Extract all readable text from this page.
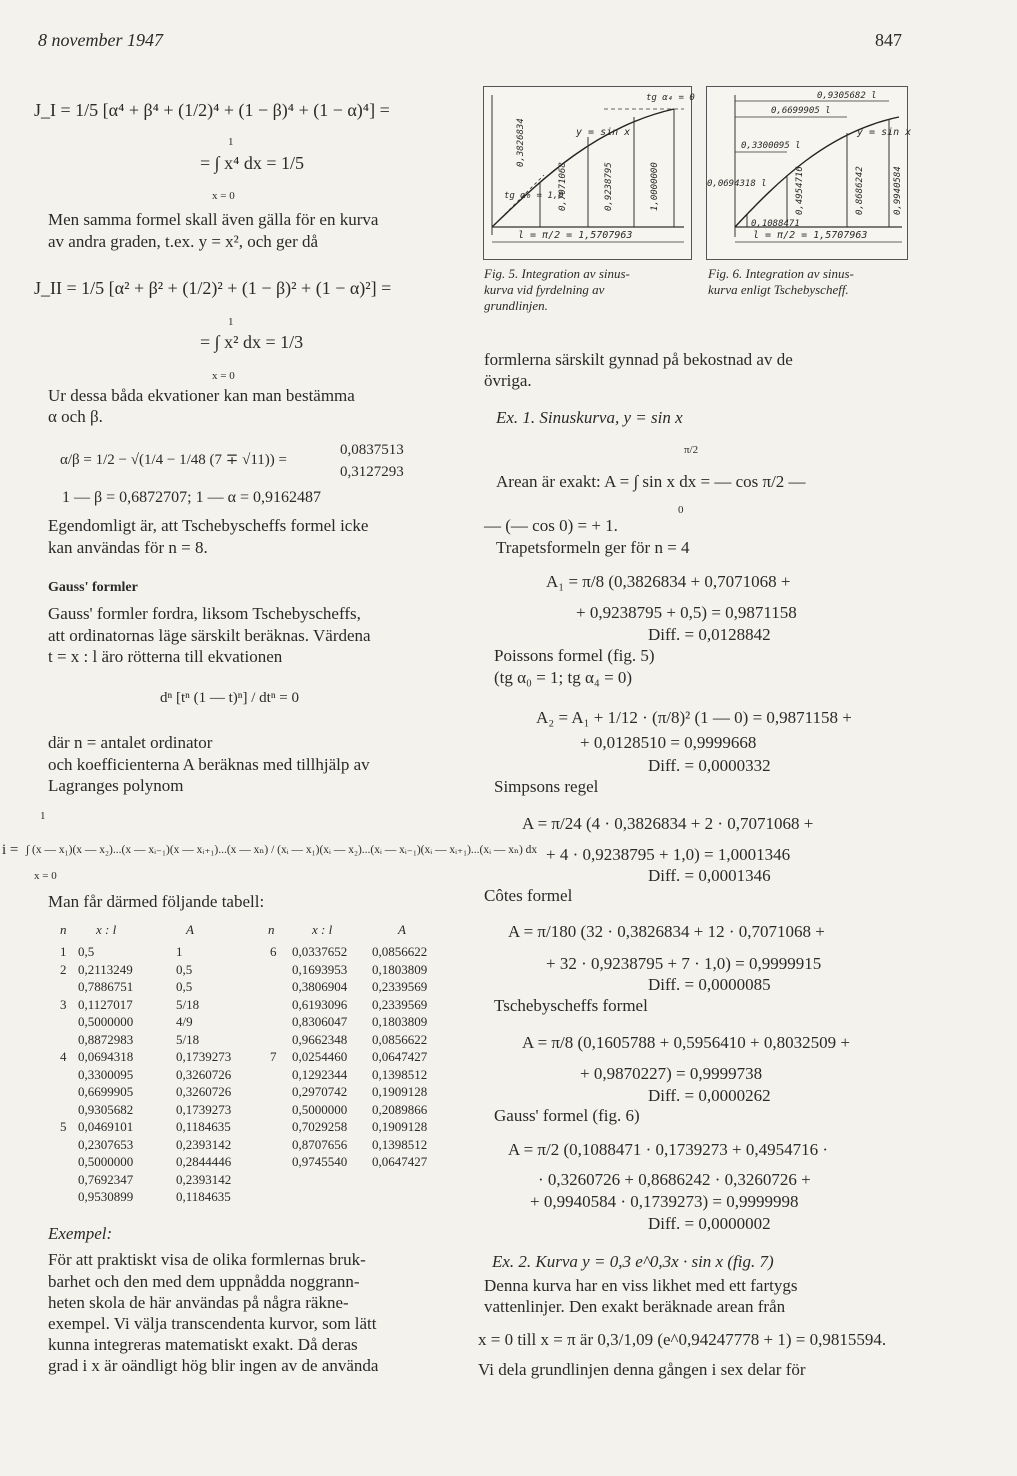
8 november 1947	847
J_I = 1/5 [α⁴ + β⁴ + (1/2)⁴ + (1 − β)⁴ + (1 − α)⁴] =
1
= ∫ x⁴ dx = 1/5
x = 0
Men samma formel skall även gälla för en kurva
av andra graden, t.ex. y = x², och ger då
J_II = 1/5 [α² + β² + (1/2)² + (1 − β)² + (1 − α)²] =
1
= ∫ x² dx = 1/3
x = 0
Ur dessa båda ekvationer kan man bestämma
α och β.
α/β = 1/2 − √(1/4 − 1/48 (7 ∓ √11)) =
0,0837513
0,3127293
1 — β = 0,6872707; 1 — α = 0,9162487
Egendomligt är, att Tschebyscheffs formel icke
kan användas för n = 8.
Gauss' formler
Gauss' formler fordra, liksom Tschebyscheffs,
att ordinatornas läge särskilt beräknas. Värdena
t = x : l äro rötterna till ekvationen
dⁿ [tⁿ (1 — t)ⁿ] / dtⁿ = 0
där n = antalet ordinator
och koefficienterna A beräknas med tillhjälp av
Lagranges polynom
i =
1
∫ (x — x₁)(x — x₂)...(x — xᵢ₋₁)(x — xᵢ₊₁)...(x — xₙ) / (xᵢ — x₁)(xᵢ — x₂)...(xᵢ — xᵢ₋₁)(xᵢ — xᵢ₊₁)...(xᵢ — xₙ) dx
x = 0
Man får därmed följande tabell:
n x : l	A	n	x : l	A
1 0,5	1
2 0,2113249	0,5
0,7886751	0,5
3 0,1127017	5/18
0,5000000	4/9
0,8872983	5/18
4 0,0694318	0,1739273
0,3300095	0,3260726
0,6699905	0,3260726
0,9305682	0,1739273
5 0,0469101	0,1184635
0,2307653	0,2393142
0,5000000	0,2844446
0,7692347	0,2393142
0,9530899	0,1184635
6 0,0337652 0,0856622
0,1693953 0,1803809
0,3806904 0,2339569
0,6193096 0,2339569
0,8306047 0,1803809
0,9662348 0,0856622
7 0,0254460 0,0647427
0,1292344 0,1398512
0,2970742 0,1909128
0,5000000 0,2089866
0,7029258 0,1909128
0,8707656 0,1398512
0,9745540 0,0647427
Exempel:
För att praktiskt visa de olika formlernas bruk-
barhet och den med dem uppnådda noggrann-
heten skola de här användas på några räkne-
exempel. Vi välja transcendenta kurvor, som lätt
kunna integreras matematiskt exakt. Då deras
grad i x är oändligt hög blir ingen av de använda
y = sin x
tg α₄ = 0
tg α₀ = 1,0
l = π/2 = 1,5707963
0,3826834
0,7071068	0,9238795	1,0000000
Fig. 5. Integration av sinus-
kurva vid fyrdelning av
grundlinjen.
0,9305682 l
0,6699905 l
0,3300095 l
0,0694318 l
y = sin x
l = π/2 = 1,5707963
0,1088471
0,4954716	0,8686242	0,9940584
Fig. 6. Integration av sinus-
kurva enligt Tschebyscheff.
formlerna särskilt gynnad på bekostnad av de
övriga.
Ex. 1. Sinuskurva, y = sin x
π/2
Arean är exakt: A = ∫ sin x dx = — cos π/2 —
0
— (— cos 0) = + 1.
Trapetsformeln ger för n = 4
A₁ = π/8 (0,3826834 + 0,7071068 +
+ 0,9238795 + 0,5) = 0,9871158
Diff. = 0,0128842
Poissons formel (fig. 5)
(tg α₀ = 1; tg α₄ = 0)
A₂ = A₁ + 1/12 · (π/8)² (1 — 0) = 0,9871158 +
+ 0,0128510 = 0,9999668
Diff. = 0,0000332
Simpsons regel
A = π/24 (4 · 0,3826834 + 2 · 0,7071068 +
+ 4 · 0,9238795 + 1,0) = 1,0001346
Diff. = 0,0001346
Côtes formel
A = π/180 (32 · 0,3826834 + 12 · 0,7071068 +
+ 32 · 0,9238795 + 7 · 1,0) = 0,9999915
Diff. = 0,0000085
Tschebyscheffs formel
A = π/8 (0,1605788 + 0,5956410 + 0,8032509 +
+ 0,9870227) = 0,9999738
Diff. = 0,0000262
Gauss' formel (fig. 6)
A = π/2 (0,1088471 · 0,1739273 + 0,4954716 ·
· 0,3260726 + 0,8686242 · 0,3260726 +
+ 0,9940584 · 0,1739273) = 0,9999998
Diff. = 0,0000002
Ex. 2. Kurva y = 0,3 e^0,3x · sin x (fig. 7)
Denna kurva har en viss likhet med ett fartygs
vattenlinjer. Den exakt beräknade arean från
x = 0 till x = π är 0,3/1,09 (e^0,94247778 + 1) = 0,9815594.
Vi dela grundlinjen denna gången i sex delar för
